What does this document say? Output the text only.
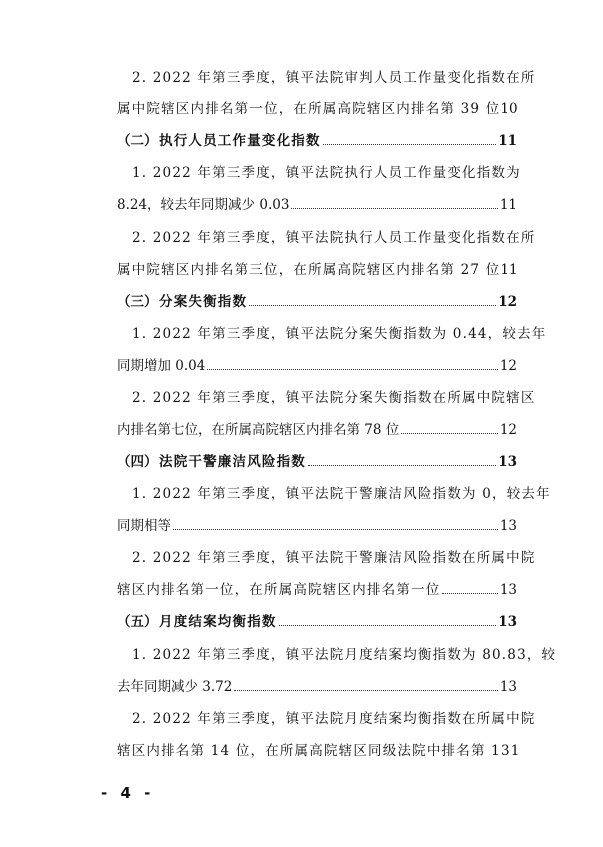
2. 2022 年第三季度，镇平法院审判人员工作量变化指数在所
属中院辖区内排名第一位，在所属高院辖区内排名第 39 位 10
（二） 执行人员工作量变化指数	11
1. 2022 年第三季度，镇平法院执行人员工作量变化指数为
8.24，较去年同期减少 0.03	11
2. 2022 年第三季度，镇平法院执行人员工作量变化指数在所
属中院辖区内排名第三位，在所属高院辖区内排名第 27 位 11
（三） 分案失衡指数	12
1. 2022 年第三季度，镇平法院分案失衡指数为 0.44，较去年
同期增加 0.04	12
2. 2022 年第三季度，镇平法院分案失衡指数在所属中院辖区
内排名第七位，在所属高院辖区内排名第 78 位	12
（四） 法院干警廉洁风险指数	13
1. 2022 年第三季度，镇平法院干警廉洁风险指数为 0，较去年
同期相等	13
2. 2022 年第三季度，镇平法院干警廉洁风险指数在所属中院
辖区内排名第一位，在所属高院辖区内排名第一位	13
（五） 月度结案均衡指数	13
1. 2022 年第三季度，镇平法院月度结案均衡指数为 80.83，较
去年同期减少 3.72	13
2. 2022 年第三季度，镇平法院月度结案均衡指数在所属中院
辖区内排名第 14 位，在所属高院辖区同级法院中排名第 131
- 4 -
